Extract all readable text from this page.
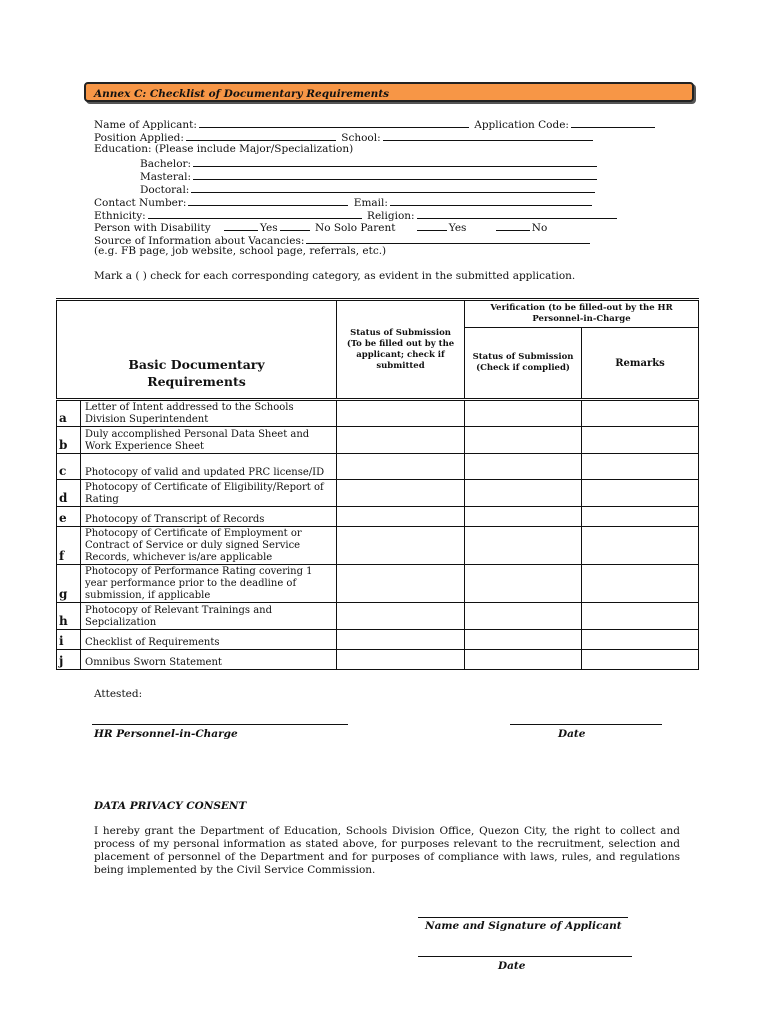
Annex C: Checklist of Documentary Requirements
Name of Applicant:	Application Code:
Position Applied:	School:
Education: (Please include Major/Specialization)
Bachelor:
Masteral:
Doctoral:
Contact Number:	Email:
Ethnicity:	Religion:
Person with Disability	Yes	No Solo Parent	Yes	No
Source of Information about Vacancies:
(e.g. FB page, job website, school page, referrals, etc.)
Mark a ( ) check for each corresponding category, as evident in the submitted application.
Basic Documentary Requirements		Status of Submission (To be filled out by the applicant; check if submitted	Verification (to be filled-out by the HR Personnel-in-Charge	
			Status of Submission (Check if complied)	Remarks
a	Letter of Intent addressed to the Schools Division Superintendent			
b	Duly accomplished Personal Data Sheet and Work Experience Sheet			
c	Photocopy of valid and updated PRC license/ID			
d	Photocopy of Certificate of Eligibility/Report of Rating			
e	Photocopy of Transcript of Records			
f	Photocopy of Certificate of Employment or Contract of Service or duly signed Service Records, whichever is/are applicable			
g	Photocopy of Performance Rating covering 1 year performance prior to the deadline of submission, if applicable			
h	Photocopy of Relevant Trainings and Sepcialization			
i	Checklist of Requirements			
j	Omnibus Sworn Statement			
Attested:
HR Personnel-in-Charge	Date
DATA PRIVACY CONSENT
I hereby grant the Department of Education, Schools Division Office, Quezon City, the right to collect and process of my personal information as stated above, for purposes relevant to the recruitment, selection and placement of personnel of the Department and for purposes of compliance with laws, rules, and regulations being implemented by the Civil Service Commission.
Name and Signature of Applicant
Date
